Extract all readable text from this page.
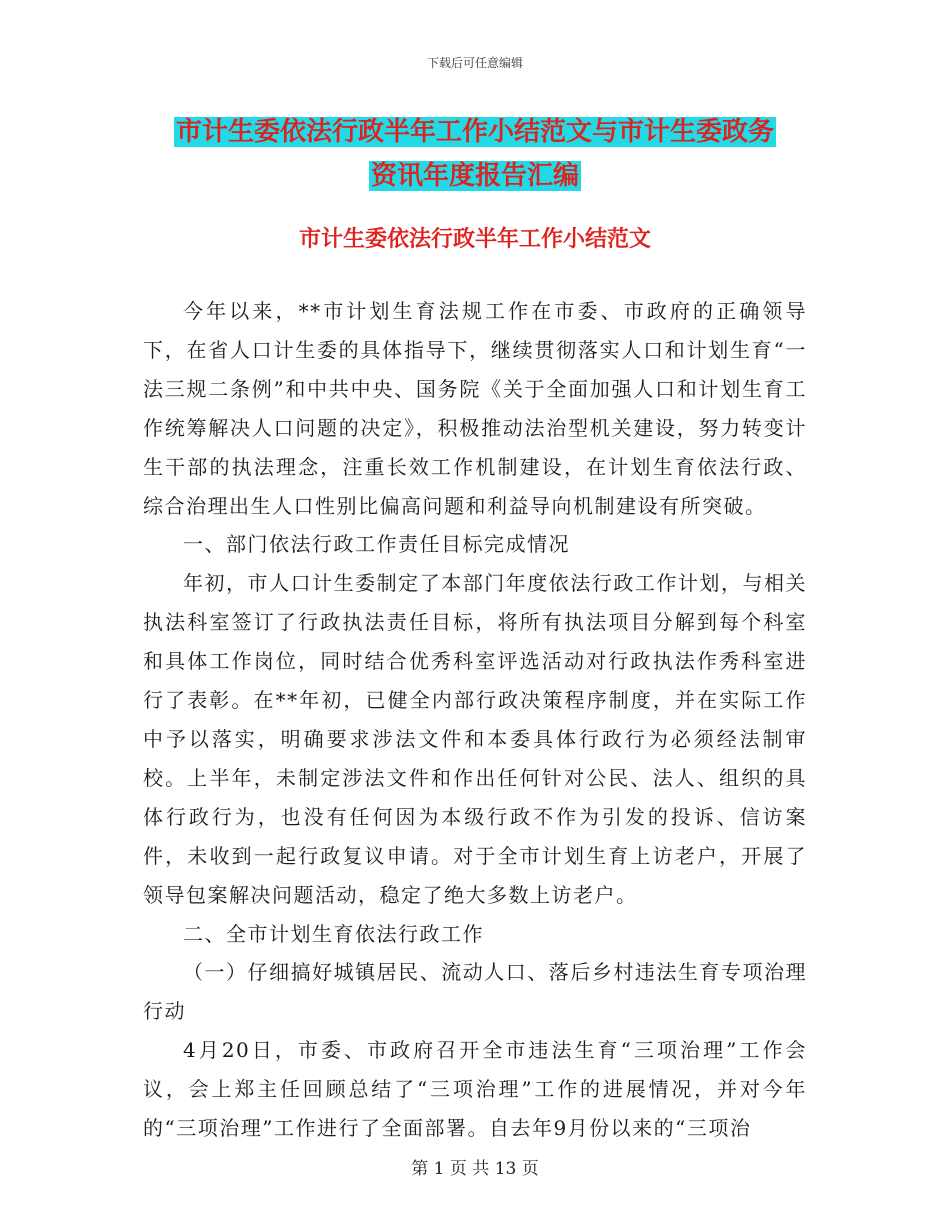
下载后可任意编辑
市计生委依法行政半年工作小结范文与市计生委政务
资讯年度报告汇编
市计生委依法行政半年工作小结范文

今年以来，**市计划生育法规工作在市委、市政府的正确领导下，在省人口计生委的具体指导下，继续贯彻落实人口和计划生育“一法三规二条例”和中共中央、国务院《关于全面加强人口和计划生育工作统筹解决人口问题的决定》，积极推动法治型机关建设，努力转变计生干部的执法理念，注重长效工作机制建设，在计划生育依法行政、综合治理出生人口性别比偏高问题和利益导向机制建设有所突破。

一、部门依法行政工作责任目标完成情况

年初，市人口计生委制定了本部门年度依法行政工作计划，与相关执法科室签订了行政执法责任目标，将所有执法项目分解到每个科室和具体工作岗位，同时结合优秀科室评选活动对行政执法作秀科室进行了表彰。在**年初，已健全内部行政决策程序制度，并在实际工作中予以落实，明确要求涉法文件和本委具体行政行为必须经法制审校。上半年，未制定涉法文件和作出任何针对公民、法人、组织的具体行政行为，也没有任何因为本级行政不作为引发的投诉、信访案件，未收到一起行政复议申请。对于全市计划生育上访老户，开展了领导包案解决问题活动，稳定了绝大多数上访老户。

二、全市计划生育依法行政工作

（一）仔细搞好城镇居民、流动人口、落后乡村违法生育专项治理行动

4月20日，市委、市政府召开全市违法生育“三项治理”工作会议，会上郑主任回顾总结了“三项治理”工作的进展情况，并对今年的“三项治理”工作进行了全面部署。自去年9月份以来的“三项治

第 1 页 共 13 页
